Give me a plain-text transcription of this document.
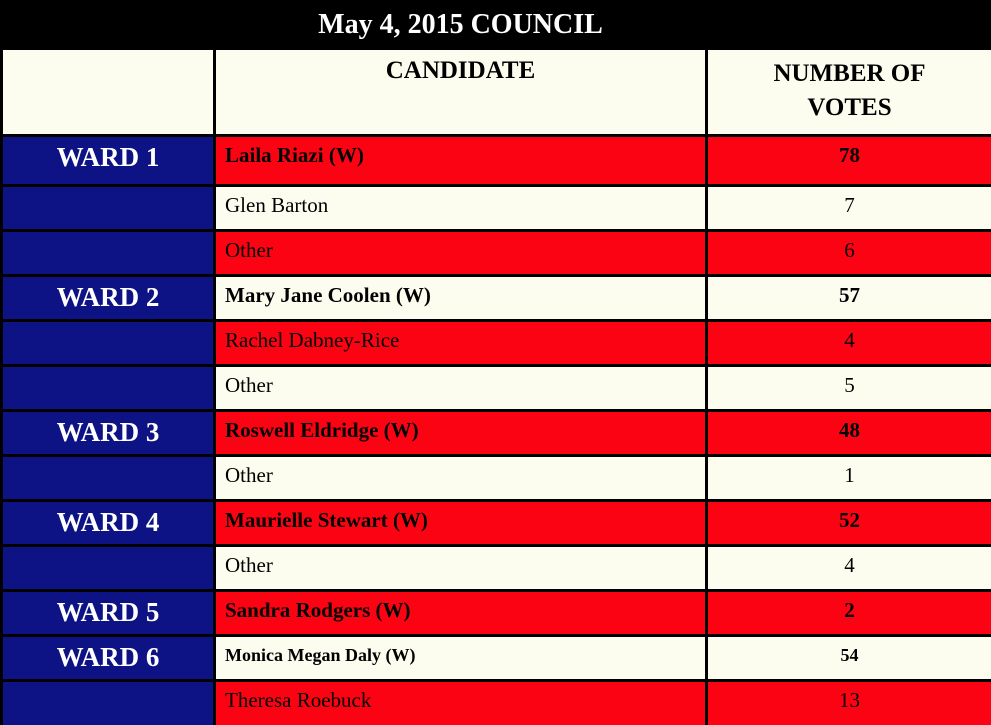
	May 4, 2015 COUNCIL	

	CANDIDATE	NUMBER OF VOTES
WARD 1	Laila Riazi (W)	78
	Glen Barton	7
	Other	6
WARD 2	Mary Jane Coolen (W)	57
	Rachel Dabney-Rice	4
	Other	5
WARD 3	Roswell Eldridge (W)	48
	Other	1
WARD 4	Maurielle Stewart (W)	52
	Other	4
WARD 5	Sandra Rodgers (W)	2
WARD 6	Monica Megan Daly (W)	54
	Theresa Roebuck	13
